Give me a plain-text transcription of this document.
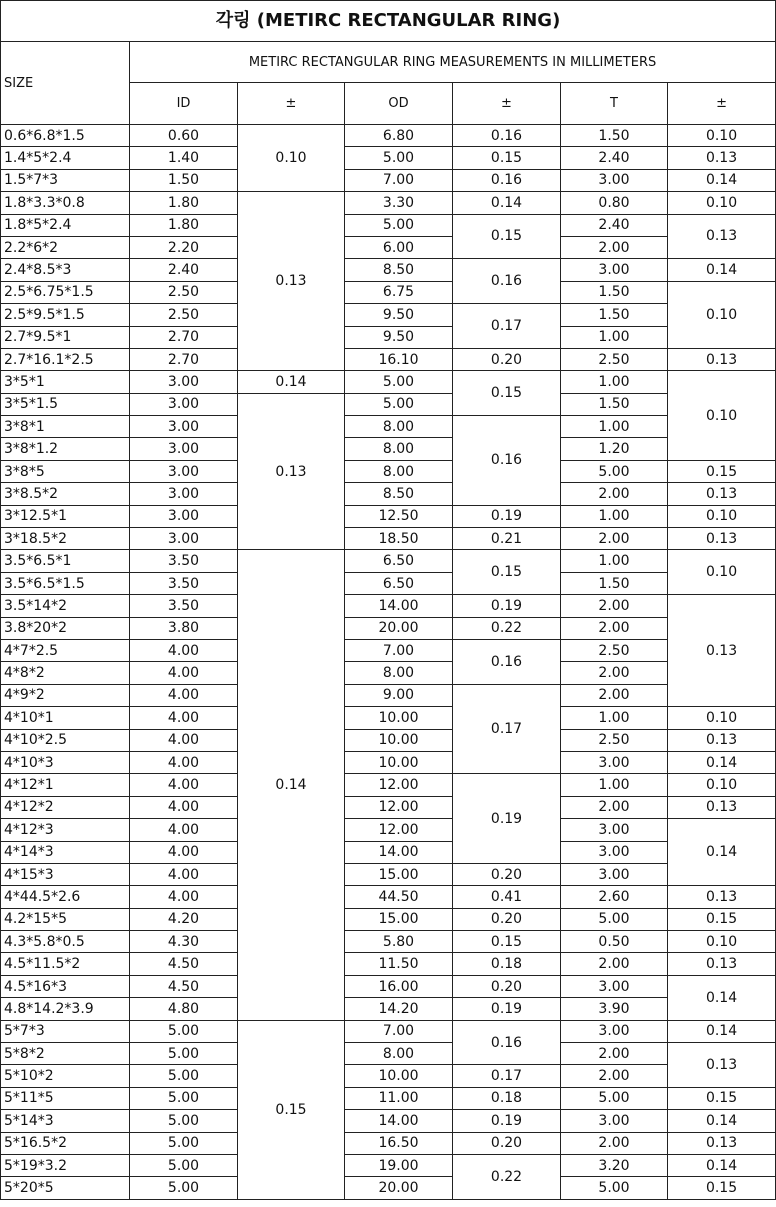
각링 (METIRC RECTANGULAR RING)						
SIZE	METIRC RECTANGULAR RING MEASUREMENTS IN MILLIMETERS					
	ID	±	OD	±	T	±
0.6*6.8*1.5	0.60	0.10	6.80	0.16	1.50	0.10
1.4*5*2.4	1.40		5.00	0.15	2.40	0.13
1.5*7*3	1.50		7.00	0.16	3.00	0.14
1.8*3.3*0.8	1.80	0.13	3.30	0.14	0.80	0.10
1.8*5*2.4	1.80		5.00	0.15	2.40	0.13
2.2*6*2	2.20		6.00		2.00	
2.4*8.5*3	2.40		8.50	0.16	3.00	0.14
2.5*6.75*1.5	2.50		6.75		1.50	0.10
2.5*9.5*1.5	2.50		9.50	0.17	1.50	
2.7*9.5*1	2.70		9.50		1.00	
2.7*16.1*2.5	2.70		16.10	0.20	2.50	0.13
3*5*1	3.00	0.14	5.00	0.15	1.00	0.10
3*5*1.5	3.00	0.13	5.00		1.50	
3*8*1	3.00		8.00	0.16	1.00	
3*8*1.2	3.00		8.00		1.20	
3*8*5	3.00		8.00		5.00	0.15
3*8.5*2	3.00		8.50		2.00	0.13
3*12.5*1	3.00		12.50	0.19	1.00	0.10
3*18.5*2	3.00		18.50	0.21	2.00	0.13
3.5*6.5*1	3.50	0.14	6.50	0.15	1.00	0.10
3.5*6.5*1.5	3.50		6.50		1.50	
3.5*14*2	3.50		14.00	0.19	2.00	0.13
3.8*20*2	3.80		20.00	0.22	2.00	
4*7*2.5	4.00		7.00	0.16	2.50	
4*8*2	4.00		8.00		2.00	
4*9*2	4.00		9.00	0.17	2.00	
4*10*1	4.00		10.00		1.00	0.10
4*10*2.5	4.00		10.00		2.50	0.13
4*10*3	4.00		10.00		3.00	0.14
4*12*1	4.00		12.00	0.19	1.00	0.10
4*12*2	4.00		12.00		2.00	0.13
4*12*3	4.00		12.00		3.00	0.14
4*14*3	4.00		14.00		3.00	
4*15*3	4.00		15.00	0.20	3.00	
4*44.5*2.6	4.00		44.50	0.41	2.60	0.13
4.2*15*5	4.20		15.00	0.20	5.00	0.15
4.3*5.8*0.5	4.30		5.80	0.15	0.50	0.10
4.5*11.5*2	4.50		11.50	0.18	2.00	0.13
4.5*16*3	4.50		16.00	0.20	3.00	0.14
4.8*14.2*3.9	4.80		14.20	0.19	3.90	
5*7*3	5.00	0.15	7.00	0.16	3.00	0.14
5*8*2	5.00		8.00		2.00	0.13
5*10*2	5.00		10.00	0.17	2.00	
5*11*5	5.00		11.00	0.18	5.00	0.15
5*14*3	5.00		14.00	0.19	3.00	0.14
5*16.5*2	5.00		16.50	0.20	2.00	0.13
5*19*3.2	5.00		19.00	0.22	3.20	0.14
5*20*5	5.00		20.00		5.00	0.15
